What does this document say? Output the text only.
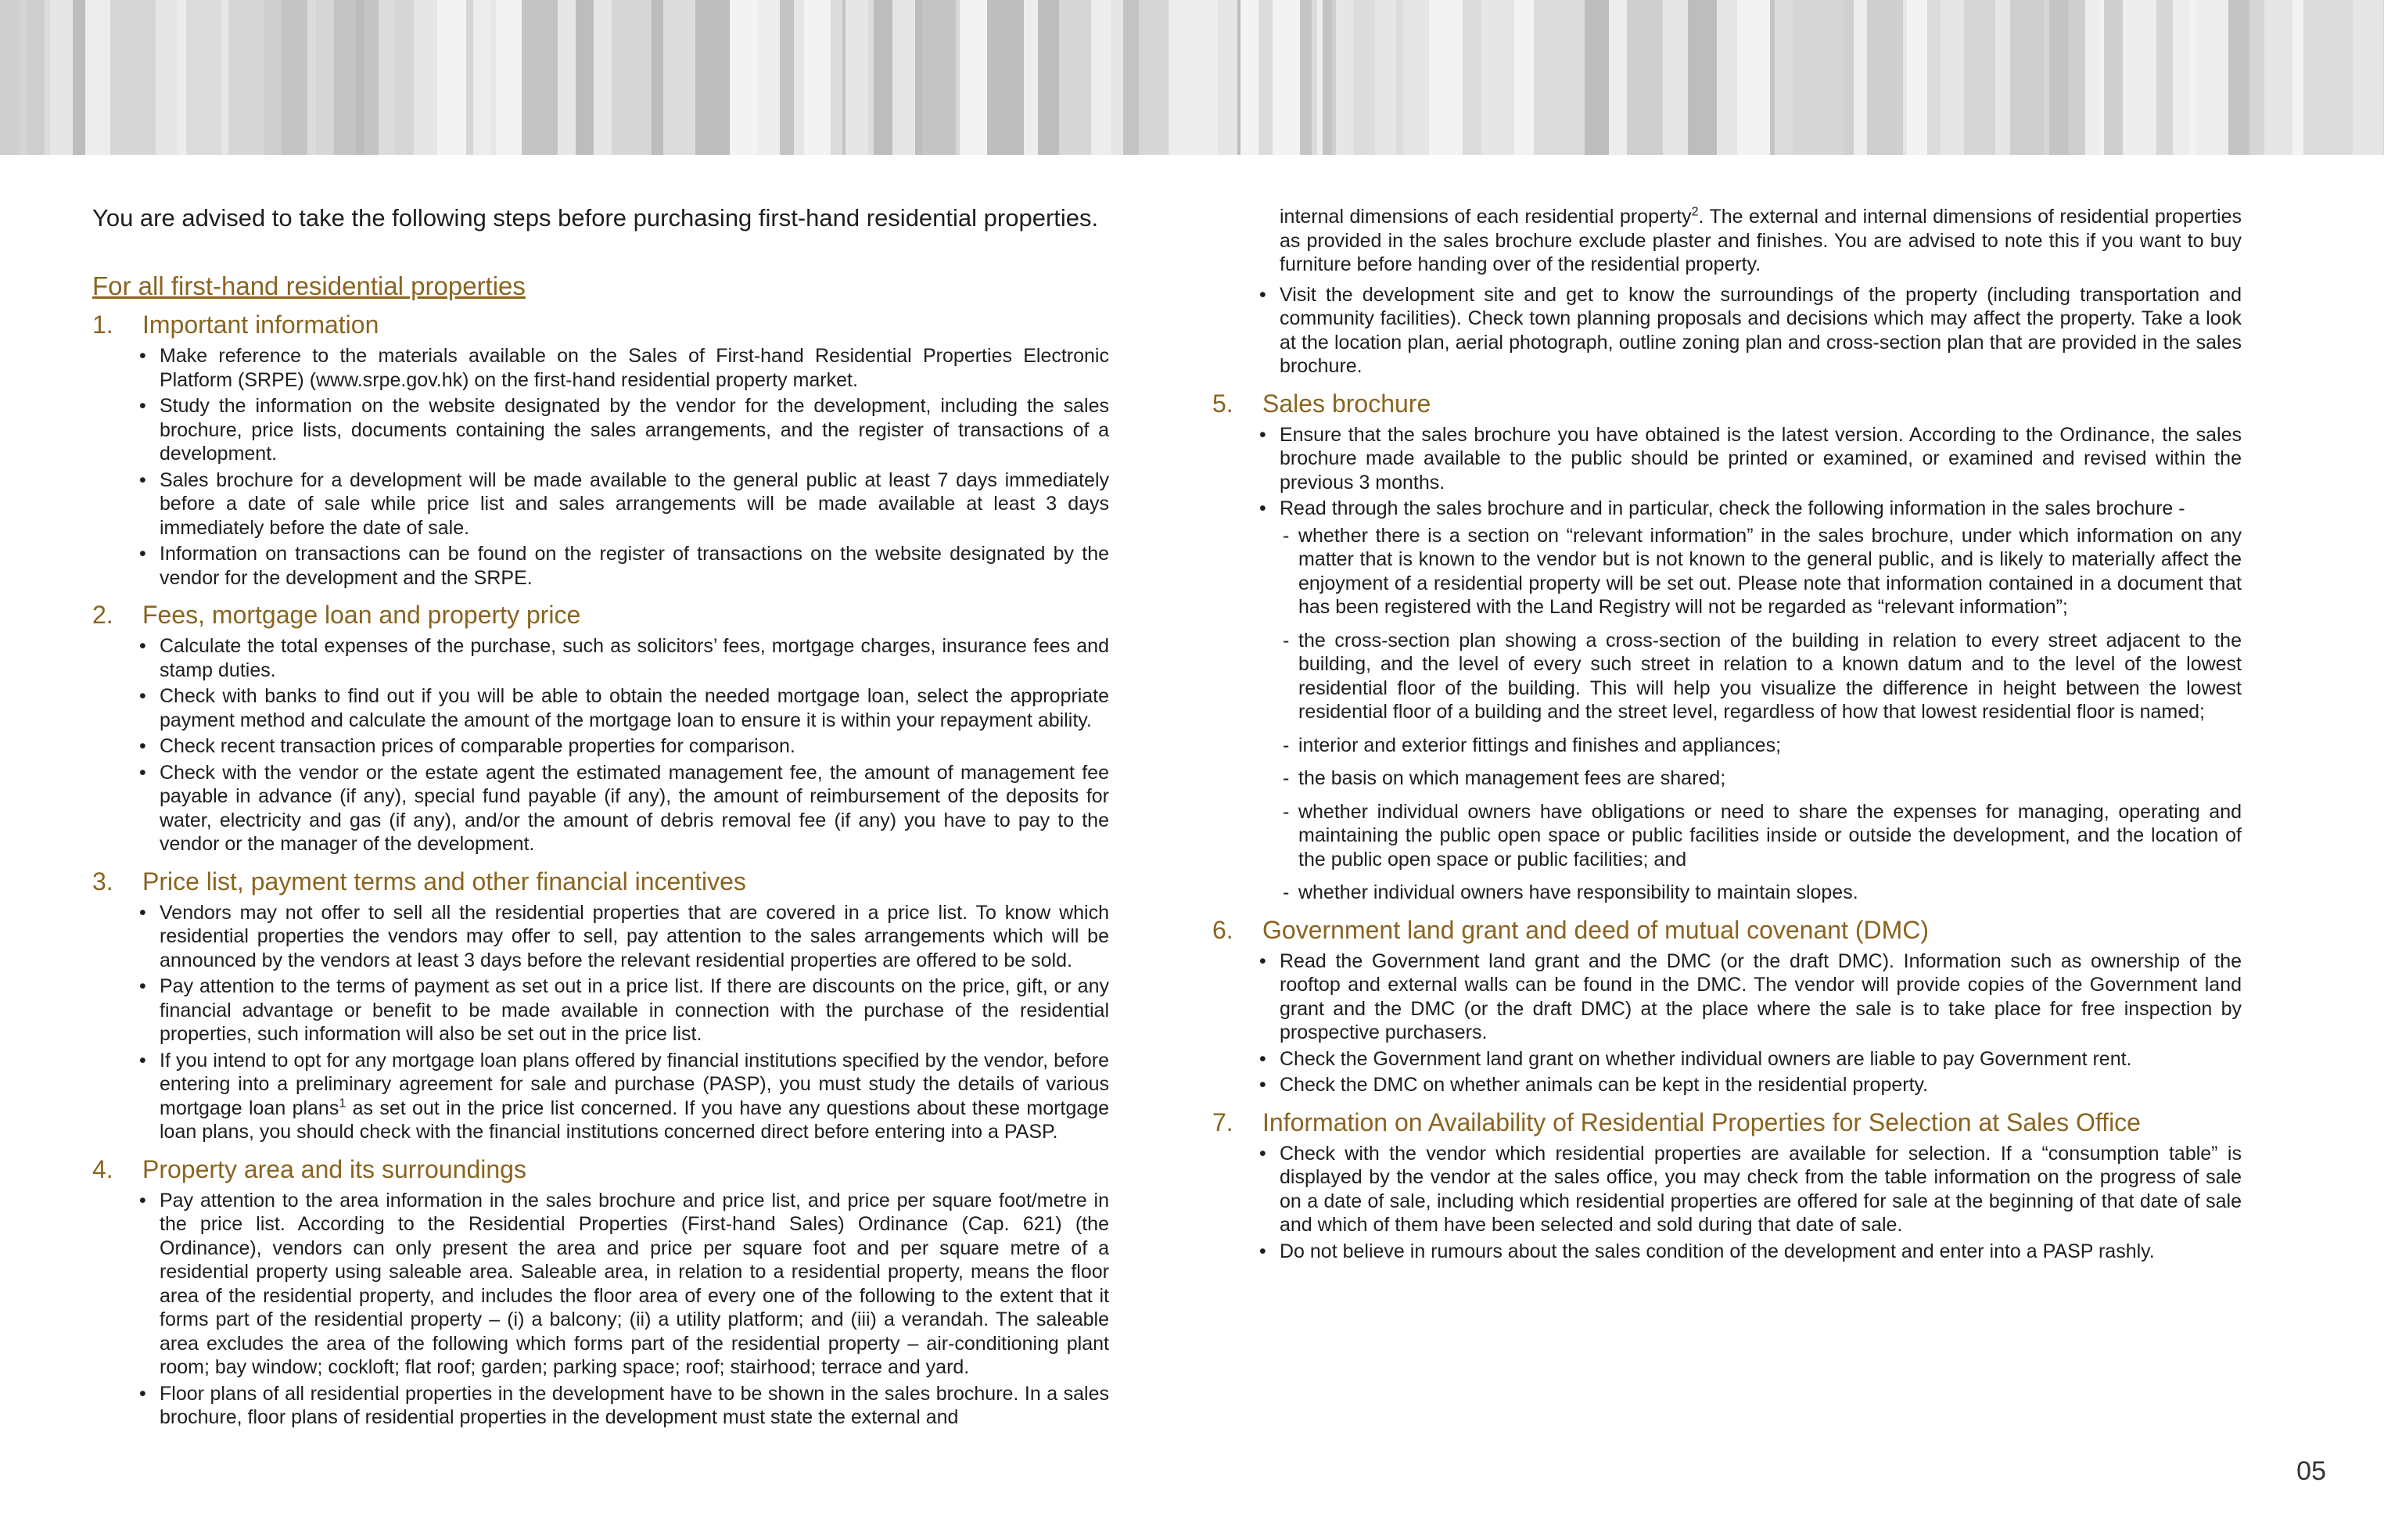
You are advised to take the following steps before purchasing first-hand residential properties.

For all first-hand residential properties
1.	Important information
• Make reference to the materials available on the Sales of First-hand Residential Properties Electronic Platform (SRPE) (www.srpe.gov.hk) on the first-hand residential property market.
• Study the information on the website designated by the vendor for the development, including the sales brochure, price lists, documents containing the sales arrangements, and the register of transactions of a development.
• Sales brochure for a development will be made available to the general public at least 7 days immediately before a date of sale while price list and sales arrangements will be made available at least 3 days immediately before the date of sale.
• Information on transactions can be found on the register of transactions on the website designated by the vendor for the development and the SRPE.
2.	Fees, mortgage loan and property price
• Calculate the total expenses of the purchase, such as solicitors’ fees, mortgage charges, insurance fees and stamp duties.
• Check with banks to find out if you will be able to obtain the needed mortgage loan, select the appropriate payment method and calculate the amount of the mortgage loan to ensure it is within your repayment ability.
• Check recent transaction prices of comparable properties for comparison.
• Check with the vendor or the estate agent the estimated management fee, the amount of management fee payable in advance (if any), special fund payable (if any), the amount of reimbursement of the deposits for water, electricity and gas (if any), and/or the amount of debris removal fee (if any) you have to pay to the vendor or the manager of the development.
3.	Price list, payment terms and other financial incentives
• Vendors may not offer to sell all the residential properties that are covered in a price list. To know which residential properties the vendors may offer to sell, pay attention to the sales arrangements which will be announced by the vendors at least 3 days before the relevant residential properties are offered to be sold.
• Pay attention to the terms of payment as set out in a price list. If there are discounts on the price, gift, or any financial advantage or benefit to be made available in connection with the purchase of the residential properties, such information will also be set out in the price list.
• If you intend to opt for any mortgage loan plans offered by financial institutions specified by the vendor, before entering into a preliminary agreement for sale and purchase (PASP), you must study the details of various mortgage loan plans$^1$ as set out in the price list concerned. If you have any questions about these mortgage loan plans, you should check with the financial institutions concerned direct before entering into a PASP.
4.	Property area and its surroundings
• Pay attention to the area information in the sales brochure and price list, and price per square foot/metre in the price list. According to the Residential Properties (First-hand Sales) Ordinance (Cap. 621) (the Ordinance), vendors can only present the area and price per square foot and per square metre of a residential property using saleable area. Saleable area, in relation to a residential property, means the floor area of the residential property, and includes the floor area of every one of the following to the extent that it forms part of the residential property – (i) a balcony; (ii) a utility platform; and (iii) a verandah. The saleable area excludes the area of the following which forms part of the residential property – air-conditioning plant room; bay window; cockloft; flat roof; garden; parking space; roof; stairhood; terrace and yard.
• Floor plans of all residential properties in the development have to be shown in the sales brochure. In a sales brochure, floor plans of residential properties in the development must state the external and

internal dimensions of each residential property$^2$. The external and internal dimensions of residential properties as provided in the sales brochure exclude plaster and finishes. You are advised to note this if you want to buy furniture before handing over of the residential property.

• Visit the development site and get to know the surroundings of the property (including transportation and community facilities). Check town planning proposals and decisions which may affect the property. Take a look at the location plan, aerial photograph, outline zoning plan and cross-section plan that are provided in the sales brochure.
5.	Sales brochure
• Ensure that the sales brochure you have obtained is the latest version. According to the Ordinance, the sales brochure made available to the public should be printed or examined, or examined and revised within the previous 3 months.
• Read through the sales brochure and in particular, check the following information in the sales brochure -
- whether there is a section on “relevant information” in the sales brochure, under which information on any matter that is known to the vendor but is not known to the general public, and is likely to materially affect the enjoyment of a residential property will be set out. Please note that information contained in a document that has been registered with the Land Registry will not be regarded as “relevant information”;
- the cross-section plan showing a cross-section of the building in relation to every street adjacent to the building, and the level of every such street in relation to a known datum and to the level of the lowest residential floor of the building. This will help you visualize the difference in height between the lowest residential floor of a building and the street level, regardless of how that lowest residential floor is named;
- interior and exterior fittings and finishes and appliances;
- the basis on which management fees are shared;
- whether individual owners have obligations or need to share the expenses for managing, operating and maintaining the public open space or public facilities inside or outside the development, and the location of the public open space or public facilities; and
- whether individual owners have responsibility to maintain slopes.
6.	Government land grant and deed of mutual covenant (DMC)
• Read the Government land grant and the DMC (or the draft DMC). Information such as ownership of the rooftop and external walls can be found in the DMC. The vendor will provide copies of the Government land grant and the DMC (or the draft DMC) at the place where the sale is to take place for free inspection by prospective purchasers.
• Check the Government land grant on whether individual owners are liable to pay Government rent.
• Check the DMC on whether animals can be kept in the residential property.
7.	Information on Availability of Residential Properties for Selection at Sales Office
• Check with the vendor which residential properties are available for selection. If a “consumption table” is displayed by the vendor at the sales office, you may check from the table information on the progress of sale on a date of sale, including which residential properties are offered for sale at the beginning of that date of sale and which of them have been selected and sold during that date of sale.
• Do not believe in rumours about the sales condition of the development and enter into a PASP rashly.
05
